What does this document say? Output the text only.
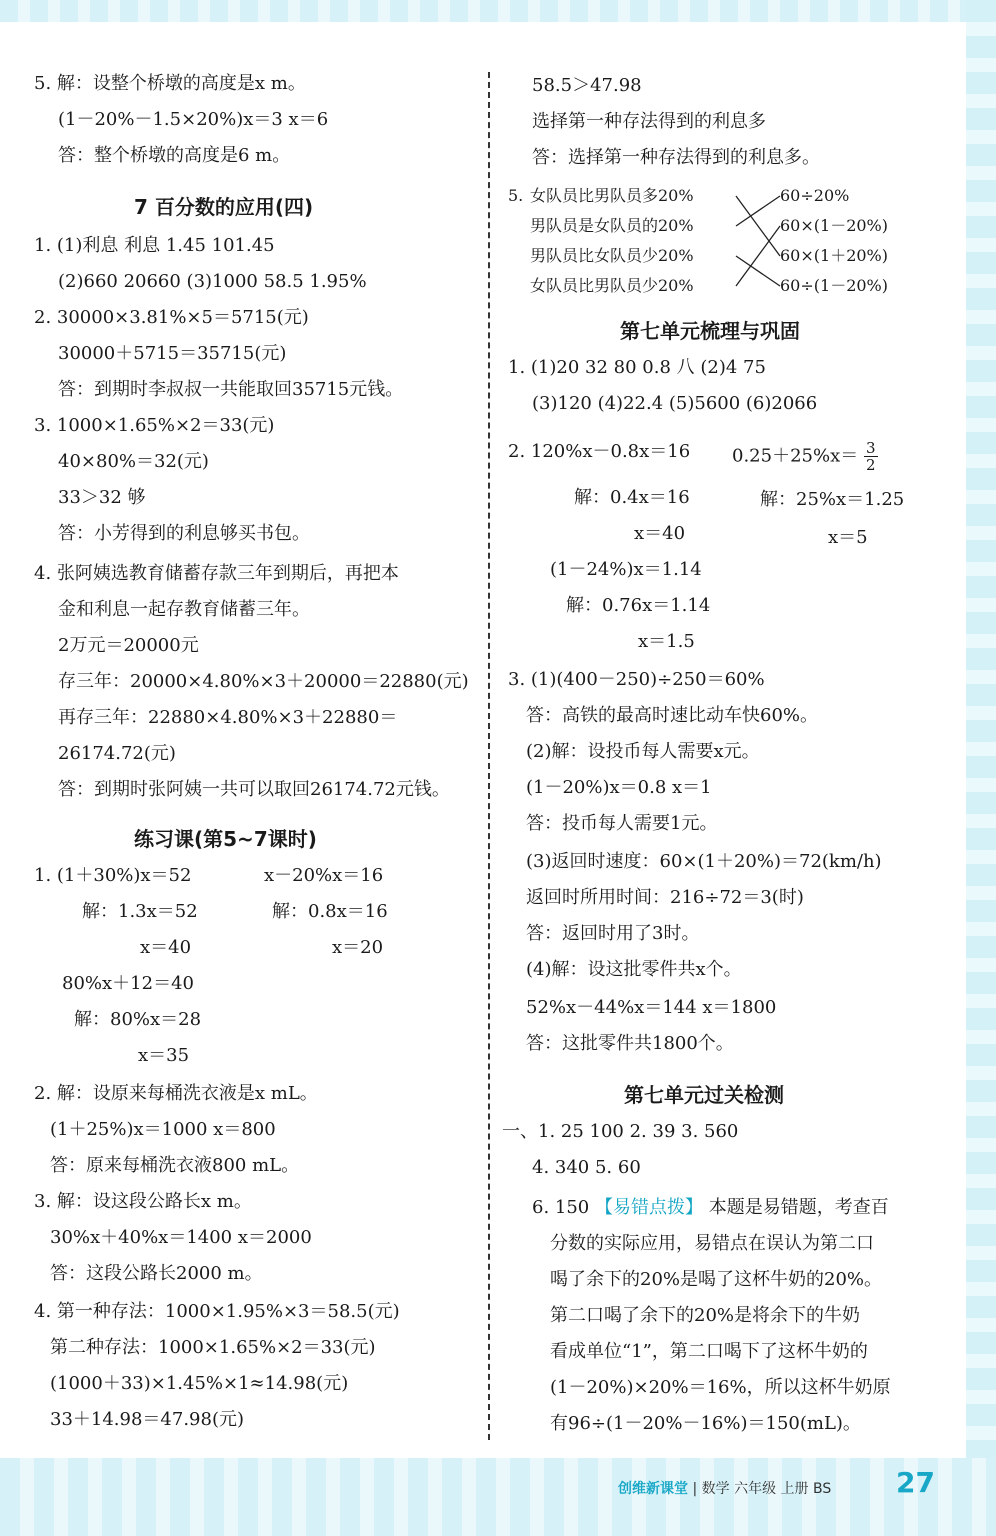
5. 解：设整个桥墩的高度是x m。
(1－20%－1.5×20%)x＝3 x＝6
答：整个桥墩的高度是6 m。
7 百分数的应用(四)
1. (1)利息 利息 1.45 101.45
(2)660 20660 (3)1000 58.5 1.95%
2. 30000×3.81%×5＝5715(元)
30000＋5715＝35715(元)
答：到期时李叔叔一共能取回35715元钱。
3. 1000×1.65%×2＝33(元)
40×80%＝32(元)
33＞32 够
答：小芳得到的利息够买书包。
4. 张阿姨选教育储蓄存款三年到期后，再把本
金和利息一起存教育储蓄三年。
2万元＝20000元
存三年：20000×4.80%×3＋20000＝22880(元)
再存三年：22880×4.80%×3＋22880＝
26174.72(元)
答：到期时张阿姨一共可以取回26174.72元钱。
练习课(第5~7课时)
1. (1＋30%)x＝52	x－20%x＝16
解：1.3x＝52	解：0.8x＝16
x＝40	x＝20
80%x＋12＝40
解：80%x＝28
x＝35
2. 解：设原来每桶洗衣液是x mL。
(1＋25%)x＝1000 x＝800
答：原来每桶洗衣液800 mL。
3. 解：设这段公路长x m。
30%x＋40%x＝1400 x＝2000
答：这段公路长2000 m。
4. 第一种存法：1000×1.95%×3＝58.5(元)
第二种存法：1000×1.65%×2＝33(元)
(1000＋33)×1.45%×1≈14.98(元)
33＋14.98＝47.98(元)
58.5＞47.98
选择第一种存法得到的利息多
答：选择第一种存法得到的利息多。
5. 女队员比男队员多20%
男队员是女队员的20%
男队员比女队员少20%
女队员比男队员少20%
60÷20%
60×(1－20%)
60×(1＋20%)
60÷(1－20%)
第七单元梳理与巩固
1. (1)20 32 80 0.8 八 (2)4 75
(3)120 (4)22.4 (5)5600 (6)2066
2. 120%x－0.8x＝16 $0.25+25\%x= \frac{3}{2}$
解：0.4x＝16	解：25%x＝1.25
x＝40	x＝5
(1－24%)x＝1.14
解：0.76x＝1.14
x＝1.5
3. (1)(400－250)÷250＝60%
答：高铁的最高时速比动车快60%。
(2)解：设投币每人需要x元。
(1－20%)x＝0.8 x＝1
答：投币每人需要1元。
(3)返回时速度：60×(1＋20%)＝72(km/h)
返回时所用时间：216÷72＝3(时)
答：返回时用了3时。
(4)解：设这批零件共x个。
52%x－44%x＝144 x＝1800
答：这批零件共1800个。
第七单元过关检测
一、1. 25 100 2. 39 3. 560
4. 340 5. 60
6. 150 【易错点拨】 本题是易错题，考查百
分数的实际应用，易错点在误认为第二口
喝了余下的20%是喝了这杯牛奶的20%。
第二口喝了余下的20%是将余下的牛奶
看成单位“1”，第二口喝下了这杯牛奶的
(1－20%)×20%＝16%，所以这杯牛奶原
有96÷(1－20%－16%)＝150(mL)。
创维新课堂 | 数学 六年级 上册 BS 27
